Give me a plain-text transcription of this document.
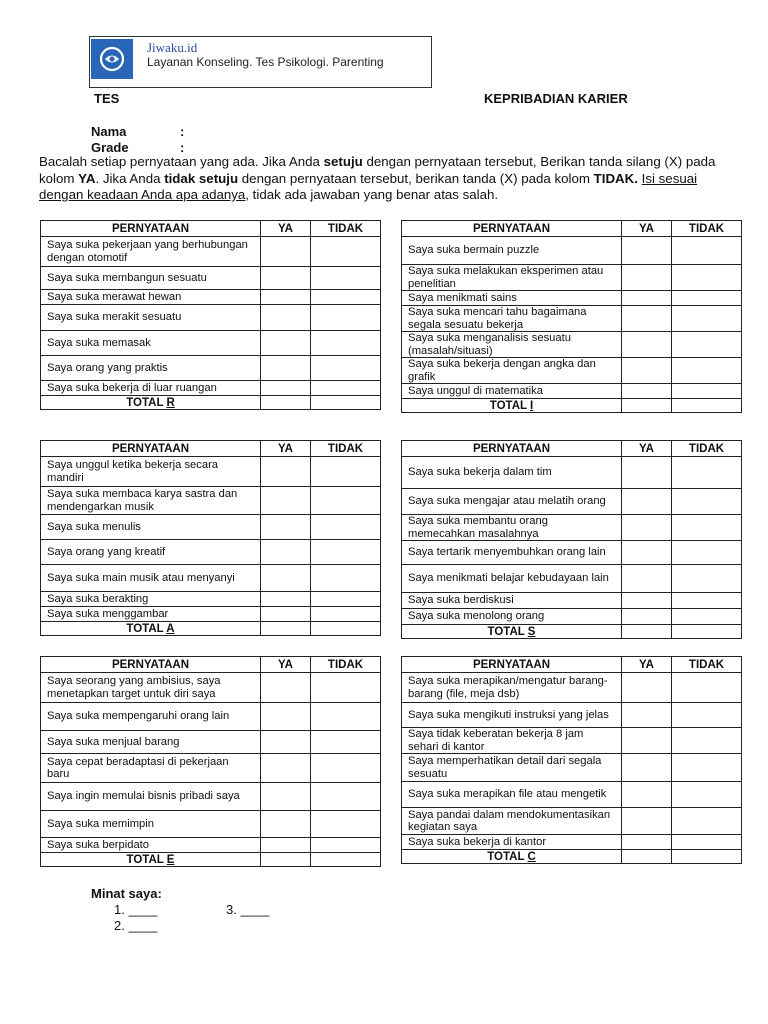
Jiwaku.id
Layanan Konseling. Tes Psikologi. Parenting
TES	KEPRIBADIAN KARIER
Nama	:
Grade	:
Bacalah setiap pernyataan yang ada. Jika Anda setuju dengan pernyataan tersebut, Berikan tanda silang (X) pada kolom YA. Jika Anda tidak setuju dengan pernyataan tersebut, berikan tanda (X) pada kolom TIDAK. Isi sesuai dengan keadaan Anda apa adanya, tidak ada jawaban yang benar atas salah.
PERNYATAAN	YA	TIDAK
Saya suka pekerjaan yang berhubungan dengan otomotif		
Saya suka membangun sesuatu		
Saya suka merawat hewan		
Saya suka merakit sesuatu		
Saya suka memasak		
Saya orang yang praktis		
Saya suka bekerja di luar ruangan		
TOTAL R		
PERNYATAAN	YA	TIDAK
Saya suka bermain puzzle		
Saya suka melakukan eksperimen atau penelitian		
Saya menikmati sains		
Saya suka mencari tahu bagaimana segala sesuatu bekerja		
Saya suka menganalisis sesuatu (masalah/situasi)		
Saya suka bekerja dengan angka dan grafik		
Saya unggul di matematika		
TOTAL I		
PERNYATAAN	YA	TIDAK
Saya unggul ketika bekerja secara mandiri		
Saya suka membaca karya sastra dan mendengarkan musik		
Saya suka menulis		
Saya orang yang kreatif		
Saya suka main musik atau menyanyi		
Saya suka berakting		
Saya suka menggambar		
TOTAL A		
PERNYATAAN	YA	TIDAK
Saya suka bekerja dalam tim		
Saya suka mengajar atau melatih orang		
Saya suka membantu orang memecahkan masalahnya		
Saya tertarik menyembuhkan orang lain		
Saya menikmati belajar kebudayaan lain		
Saya suka berdiskusi		
Saya suka menolong orang		
TOTAL S		
PERNYATAAN	YA	TIDAK
Saya seorang yang ambisius, saya menetapkan target untuk diri saya		
Saya suka mempengaruhi orang lain		
Saya suka menjual barang		
Saya cepat beradaptasi di pekerjaan baru		
Saya ingin memulai bisnis pribadi saya		
Saya suka memimpin		
Saya suka berpidato		
TOTAL E		
PERNYATAAN	YA	TIDAK
Saya suka merapikan/mengatur barang-barang (file, meja dsb)		
Saya suka mengikuti instruksi yang jelas		
Saya tidak keberatan bekerja 8 jam sehari di kantor		
Saya memperhatikan detail dari segala sesuatu		
Saya suka merapikan file atau mengetik		
Saya pandai dalam mendokumentasikan kegiatan saya		
Saya suka bekerja di kantor		
TOTAL C		
Minat saya:
1. ____	3. ____
2. ____
